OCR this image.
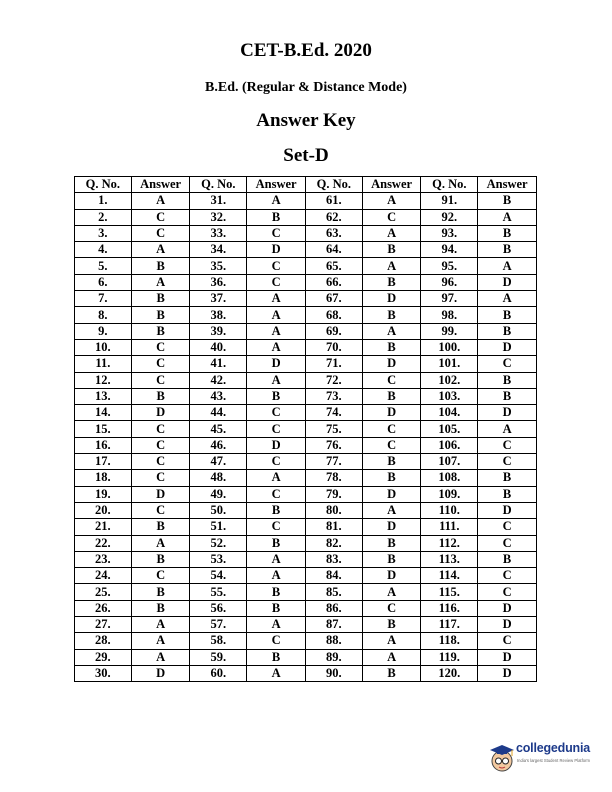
CET-B.Ed. 2020
B.Ed. (Regular & Distance Mode)
Answer Key
Set-D
Q. No.	Answer	Q. No.	Answer	Q. No.	Answer	Q. No.	Answer
1.	A	31.	A	61.	A	91.	B
2.	C	32.	B	62.	C	92.	A
3.	C	33.	C	63.	A	93.	B
4.	A	34.	D	64.	B	94.	B
5.	B	35.	C	65.	A	95.	A
6.	A	36.	C	66.	B	96.	D
7.	B	37.	A	67.	D	97.	A
8.	B	38.	A	68.	B	98.	B
9.	B	39.	A	69.	A	99.	B
10.	C	40.	A	70.	B	100.	D
11.	C	41.	D	71.	D	101.	C
12.	C	42.	A	72.	C	102.	B
13.	B	43.	B	73.	B	103.	B
14.	D	44.	C	74.	D	104.	D
15.	C	45.	C	75.	C	105.	A
16.	C	46.	D	76.	C	106.	C
17.	C	47.	C	77.	B	107.	C
18.	C	48.	A	78.	B	108.	B
19.	D	49.	C	79.	D	109.	B
20.	C	50.	B	80.	A	110.	D
21.	B	51.	C	81.	D	111.	C
22.	A	52.	B	82.	B	112.	C
23.	B	53.	A	83.	B	113.	B
24.	C	54.	A	84.	D	114.	C
25.	B	55.	B	85.	A	115.	C
26.	B	56.	B	86.	C	116.	D
27.	A	57.	A	87.	B	117.	D
28.	A	58.	C	88.	A	118.	C
29.	A	59.	B	89.	A	119.	D
30.	D	60.	A	90.	B	120.	D
collegedunia
India's largest Student Review Platform
